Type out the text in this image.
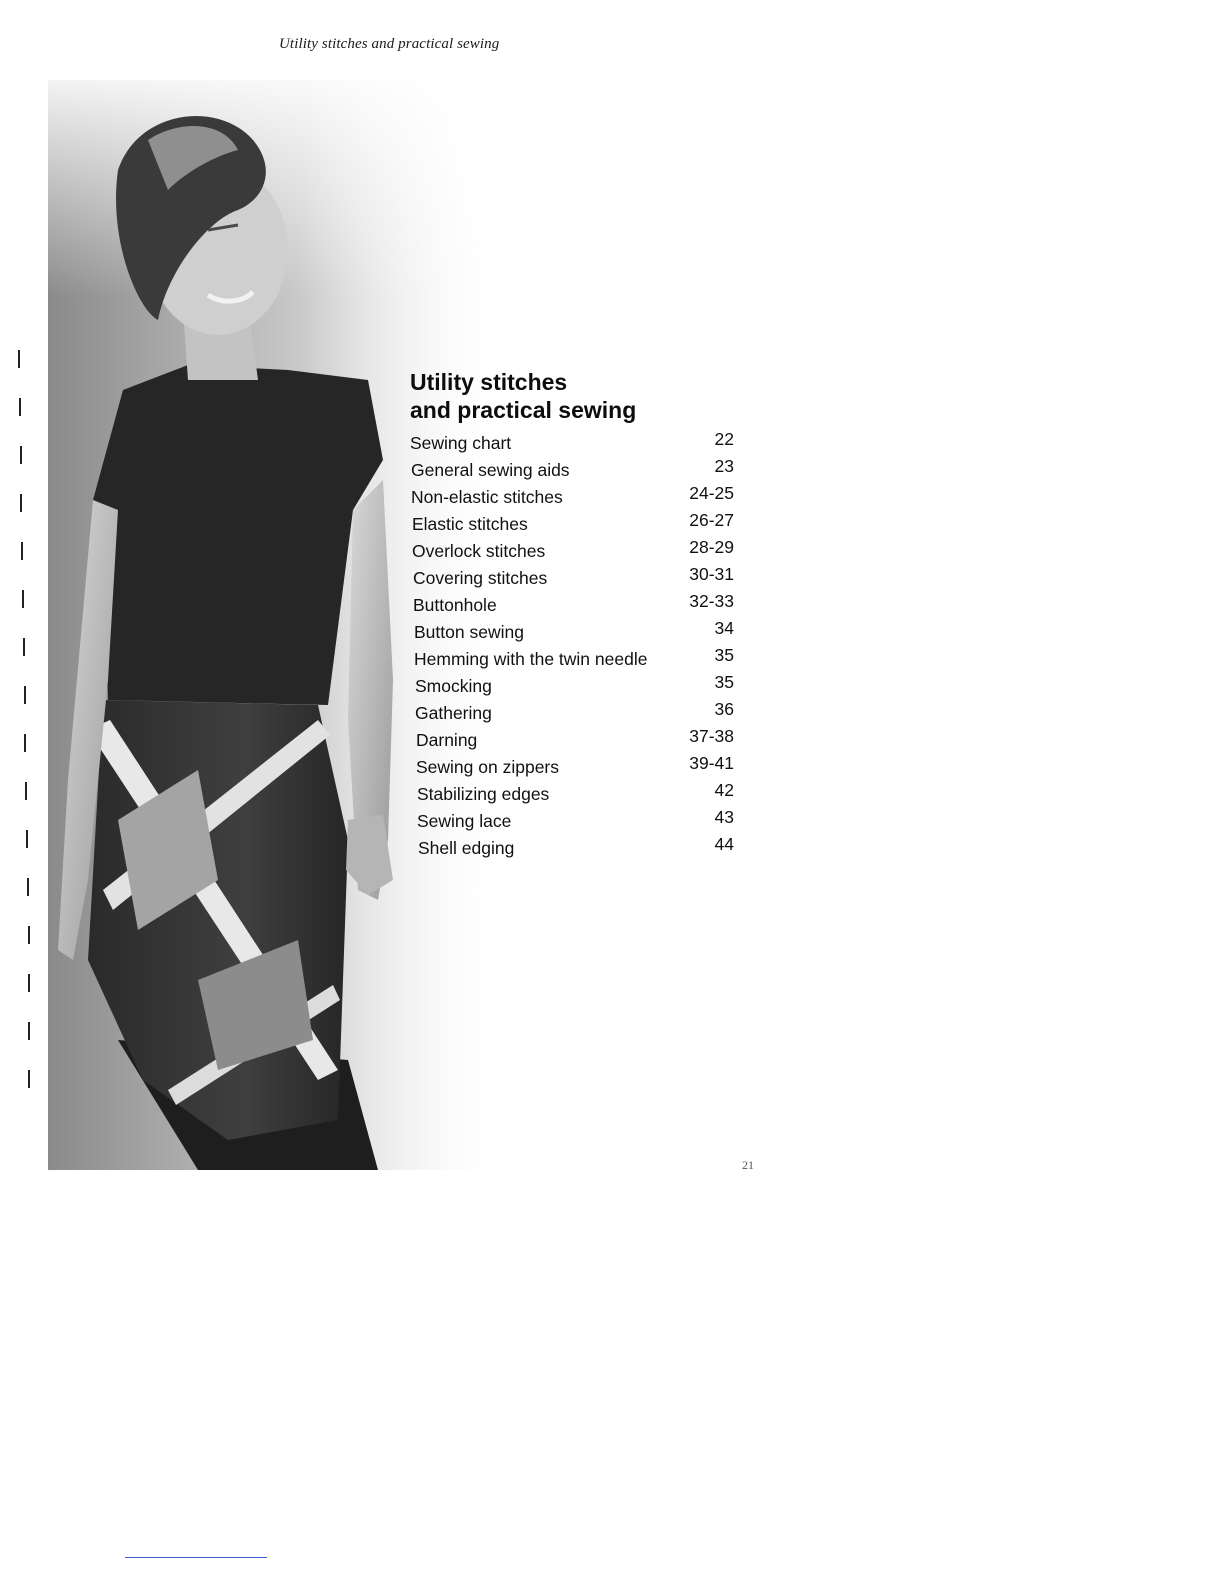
Utility stitches and practical sewing
Utility stitches
and practical sewing
Sewing chart	22
General sewing aids	23
Non-elastic stitches	24-25
Elastic stitches	26-27
Overlock stitches	28-29
Covering stitches	30-31
Buttonhole	32-33
Button sewing	34
Hemming with the twin needle	35
Smocking	35
Gathering	36
Darning	37-38
Sewing on zippers	39-41
Stabilizing edges	42
Sewing lace	43
Shell edging	44
21
